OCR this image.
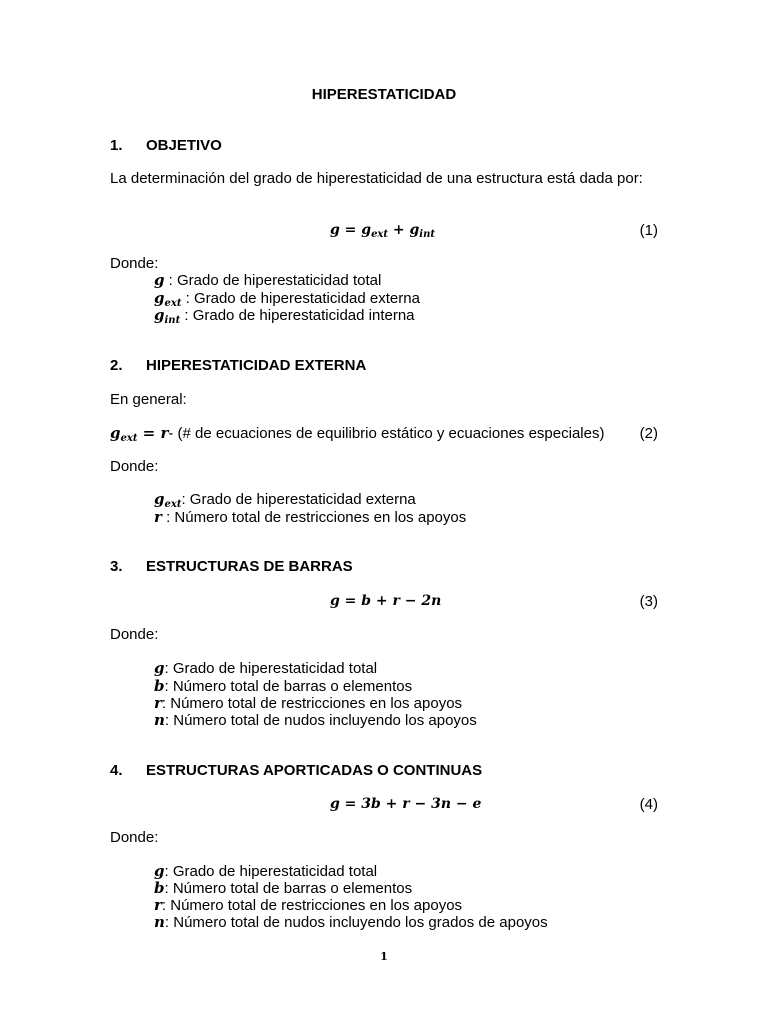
HIPERESTATICIDAD
1. OBJETIVO
La determinación del grado de hiperestaticidad de una estructura está dada por:
$g = g_{ext} + g_{int}$	(1)
Donde:
g : Grado de hiperestaticidad total
$g_{ext}$ : Grado de hiperestaticidad externa
$g_{int}$ : Grado de hiperestaticidad interna
2. HIPERESTATICIDAD EXTERNA
En general:
$g_{ext} = r-$ (# de ecuaciones de equilibrio estático y ecuaciones especiales) (2)
Donde:
$g_{ext}$: Grado de hiperestaticidad externa
r : Número total de restricciones en los apoyos
3. ESTRUCTURAS DE BARRAS
g = b + r − 2n	(3)
Donde:
g: Grado de hiperestaticidad total
b: Número total de barras o elementos
r: Número total de restricciones en los apoyos
n: Número total de nudos incluyendo los apoyos
4. ESTRUCTURAS APORTICADAS O CONTINUAS
g = 3b + r − 3n − e	(4)
Donde:
g: Grado de hiperestaticidad total
b: Número total de barras o elementos
r: Número total de restricciones en los apoyos
n: Número total de nudos incluyendo los grados de apoyos
1
